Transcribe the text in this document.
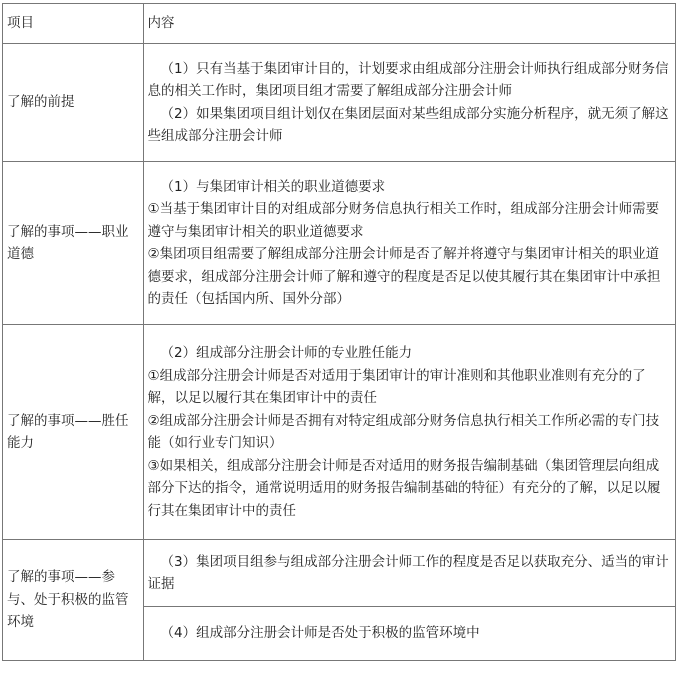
项目	内容
了解的前提	（1）只有当基于集团审计目的，计划要求由组成部分注册会计师执行组成部分财务信息的相关工作时，集团项目组才需要了解组成部分注册会计师
（2）如果集团项目组计划仅在集团层面对某些组成部分实施分析程序，就无须了解这些组成部分注册会计师

了解的事项——职业道德	（1）与集团审计相关的职业道德要求
①当基于集团审计目的对组成部分财务信息执行相关工作时，组成部分注册会计师需要遵守与集团审计相关的职业道德要求
②集团项目组需要了解组成部分注册会计师是否了解并将遵守与集团审计相关的职业道德要求，组成部分注册会计师了解和遵守的程度是否足以使其履行其在集团审计中承担的责任（包括国内所、国外分部）

了解的事项——胜任能力	（2）组成部分注册会计师的专业胜任能力
①组成部分注册会计师是否对适用于集团审计的审计准则和其他职业准则有充分的了解，以足以履行其在集团审计中的责任
②组成部分注册会计师是否拥有对特定组成部分财务信息执行相关工作所必需的专门技能（如行业专门知识）
③如果相关，组成部分注册会计师是否对适用的财务报告编制基础（集团管理层向组成部分下达的指令，通常说明适用的财务报告编制基础的特征）有充分的了解，以足以履行其在集团审计中的责任

了解的事项——参与、处于积极的监管环境	（3）集团项目组参与组成部分注册会计师工作的程度是否足以获取充分、适当的审计证据

	（4）组成部分注册会计师是否处于积极的监管环境中
